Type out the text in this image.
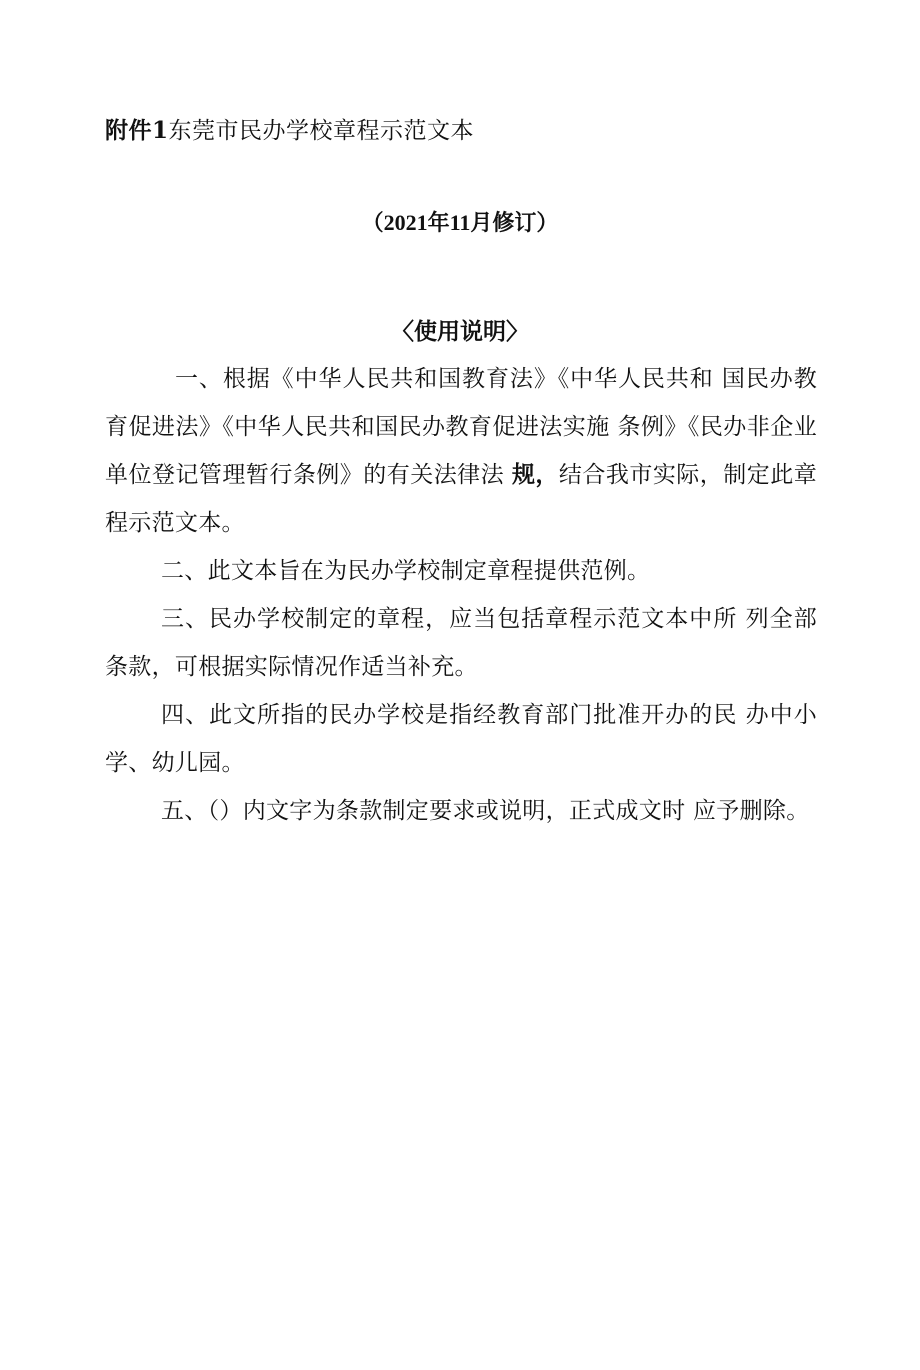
附件1东莞市民办学校章程示范文本
（2021年11月修订）
〈使用说明〉
一、根据《中华人民共和国教育法》《中华人民共和 国民办教育促进法》《中华人民共和国民办教育促进法实施 条例》《民办非企业单位登记管理暂行条例》的有关法律法 规，结合我市实际，制定此章程示范文本。
二、此文本旨在为民办学校制定章程提供范例。
三、民办学校制定的章程，应当包括章程示范文本中所 列全部条款，可根据实际情况作适当补充。
四、此文所指的民办学校是指经教育部门批准开办的民 办中小学、幼儿园。
五、（）内文字为条款制定要求或说明，正式成文时 应予删除。
